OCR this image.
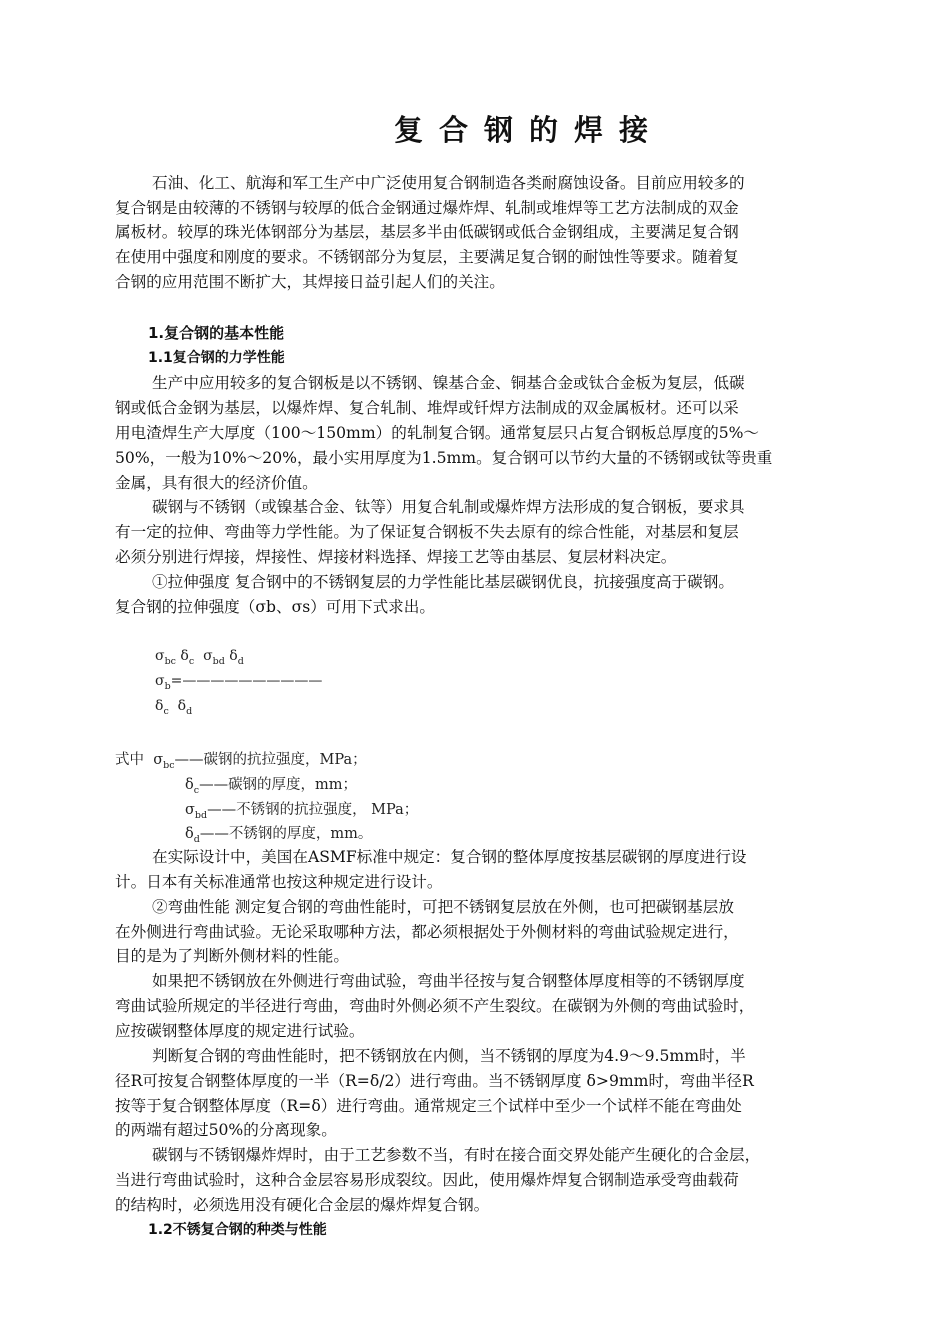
复合钢的焊接
石油、化工、航海和军工生产中广泛使用复合钢制造各类耐腐蚀设备。目前应用较多的
复合钢是由较薄的不锈钢与较厚的低合金钢通过爆炸焊、轧制或堆焊等工艺方法制成的双金
属板材。较厚的珠光体钢部分为基层，基层多半由低碳钢或低合金钢组成，主要满足复合钢
在使用中强度和刚度的要求。不锈钢部分为复层，主要满足复合钢的耐蚀性等要求。随着复
合钢的应用范围不断扩大，其焊接日益引起人们的关注。
1.复合钢的基本性能
1.1复合钢的力学性能
生产中应用较多的复合钢板是以不锈钢、镍基合金、铜基合金或钛合金板为复层，低碳
钢或低合金钢为基层，以爆炸焊、复合轧制、堆焊或钎焊方法制成的双金属板材。还可以采
用电渣焊生产大厚度（100～150mm）的轧制复合钢。通常复层只占复合钢板总厚度的5%～
50%，一般为10%～20%，最小实用厚度为1.5mm。复合钢可以节约大量的不锈钢或钛等贵重
金属，具有很大的经济价值。
碳钢与不锈钢（或镍基合金、钛等）用复合轧制或爆炸焊方法形成的复合钢板，要求具
有一定的拉伸、弯曲等力学性能。为了保证复合钢板不失去原有的综合性能，对基层和复层
必须分别进行焊接，焊接性、焊接材料选择、焊接工艺等由基层、复层材料决定。
①拉伸强度 复合钢中的不锈钢复层的力学性能比基层碳钢优良，抗接强度高于碳钢。
复合钢的拉伸强度（σb、σs）可用下式求出。
$\sigma_{bc}$ $\delta_c$ $\sigma_{bd}$ $\delta_d$
$\sigma_b=——————————$
$\delta_c$ $\delta_d$
式中  $\sigma_{bc}——$碳钢的抗拉强度，MPa；
$\delta_c——$碳钢的厚度，mm；
$\sigma_{bd}——$不锈钢的抗拉强度， MPa；
$\delta_d——$不锈钢的厚度，mm。
在实际设计中，美国在ASMF标准中规定：复合钢的整体厚度按基层碳钢的厚度进行设
计。日本有关标准通常也按这种规定进行设计。
②弯曲性能 测定复合钢的弯曲性能时，可把不锈钢复层放在外侧，也可把碳钢基层放
在外侧进行弯曲试验。无论采取哪种方法，都必须根据处于外侧材料的弯曲试验规定进行，
目的是为了判断外侧材料的性能。
如果把不锈钢放在外侧进行弯曲试验，弯曲半径按与复合钢整体厚度相等的不锈钢厚度
弯曲试验所规定的半径进行弯曲，弯曲时外侧必须不产生裂纹。在碳钢为外侧的弯曲试验时，
应按碳钢整体厚度的规定进行试验。
判断复合钢的弯曲性能时，把不锈钢放在内侧，当不锈钢的厚度为4.9～9.5mm时，半
径R可按复合钢整体厚度的一半（R=δ/2）进行弯曲。当不锈钢厚度 δ>9mm时，弯曲半径R
按等于复合钢整体厚度（R=δ）进行弯曲。通常规定三个试样中至少一个试样不能在弯曲处
的两端有超过50%的分离现象。
碳钢与不锈钢爆炸焊时，由于工艺参数不当，有时在接合面交界处能产生硬化的合金层，
当进行弯曲试验时，这种合金层容易形成裂纹。因此，使用爆炸焊复合钢制造承受弯曲载荷
的结构时，必须选用没有硬化合金层的爆炸焊复合钢。
1.2不锈复合钢的种类与性能
